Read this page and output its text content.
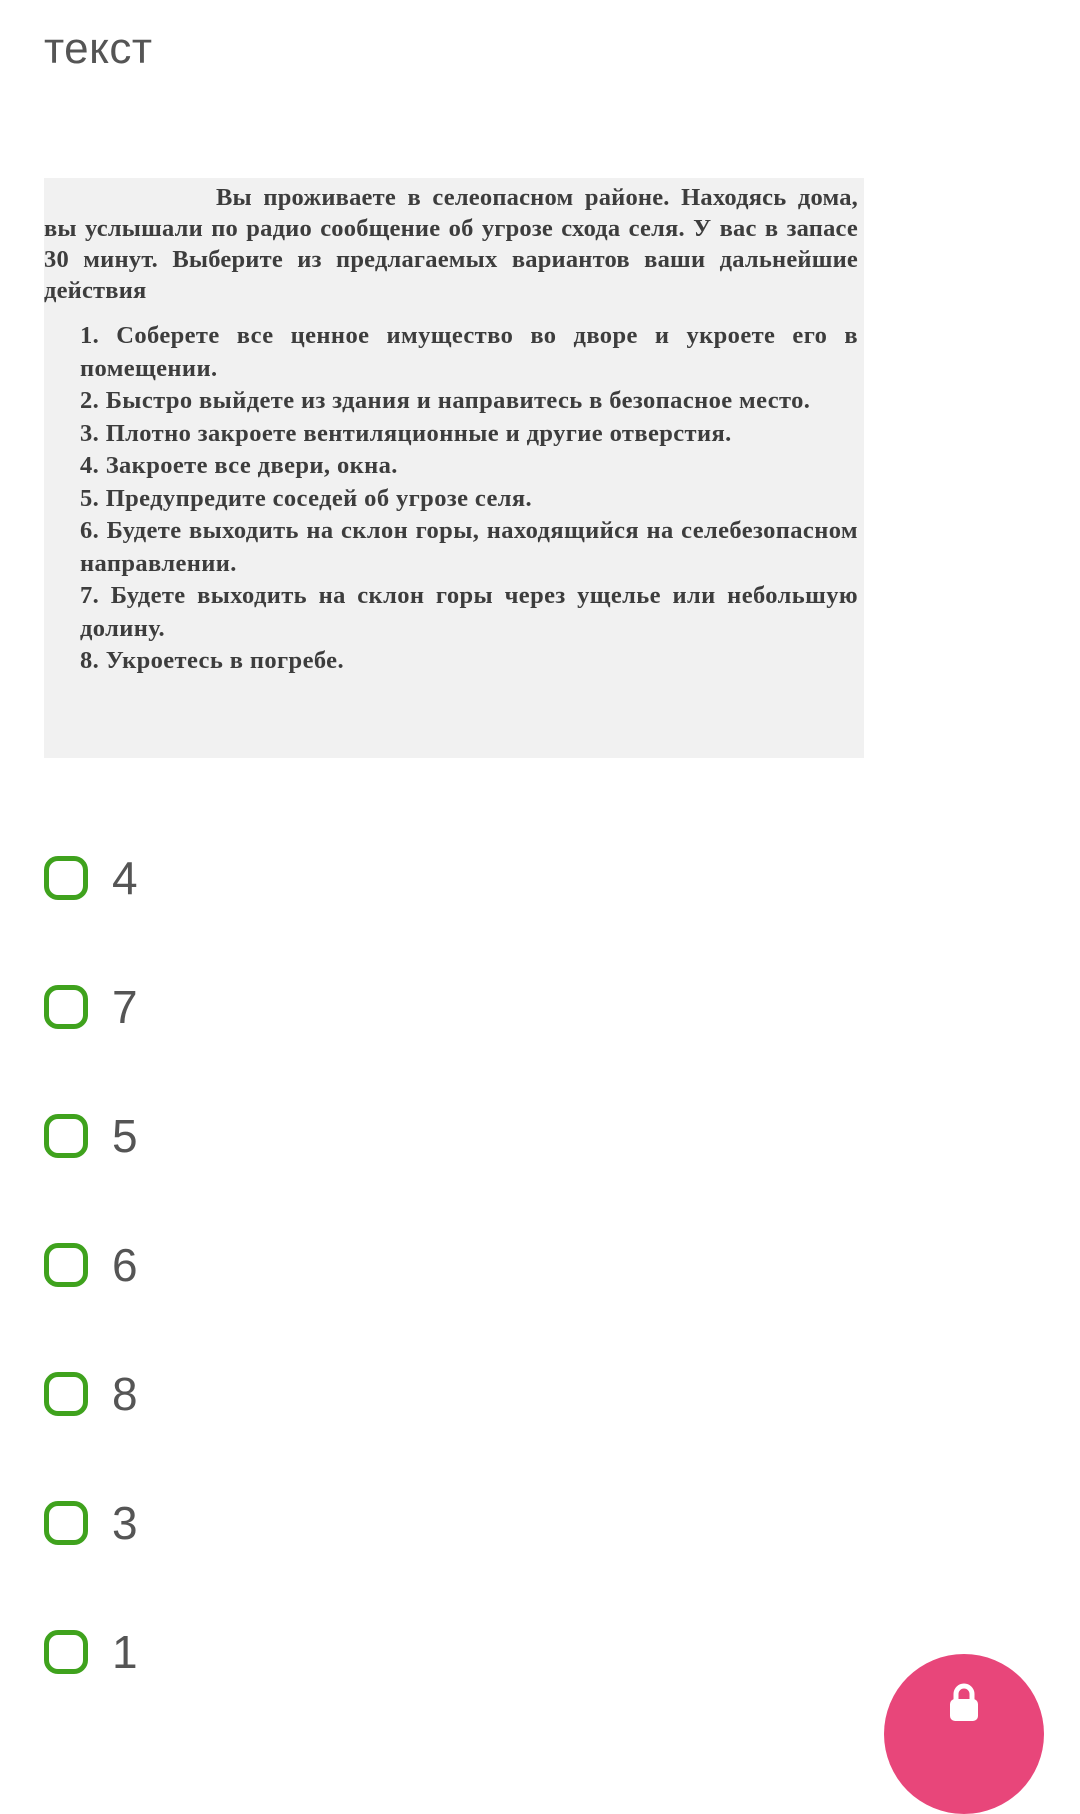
текст

Вы проживаете в селеопасном районе. Находясь дома, вы услышали по радио сообщение об угрозе схода селя. У вас в запасе 30 минут. Выберите из предлагаемых вариантов ваши дальнейшие действия

1. Соберете все ценное имущество во дворе и укроете его в помещении.
2. Быстро выйдете из здания и направитесь в безопасное место.
3. Плотно закроете вентиляционные и другие отверстия.
4. Закроете все двери, окна.
5. Предупредите соседей об угрозе селя.
6. Будете выходить на склон горы, находящийся на селебезопасном направлении.
7. Будете выходить на склон горы через ущелье или небольшую долину.
8. Укроетесь в погребе.
4
7
5
6
8
3
1
